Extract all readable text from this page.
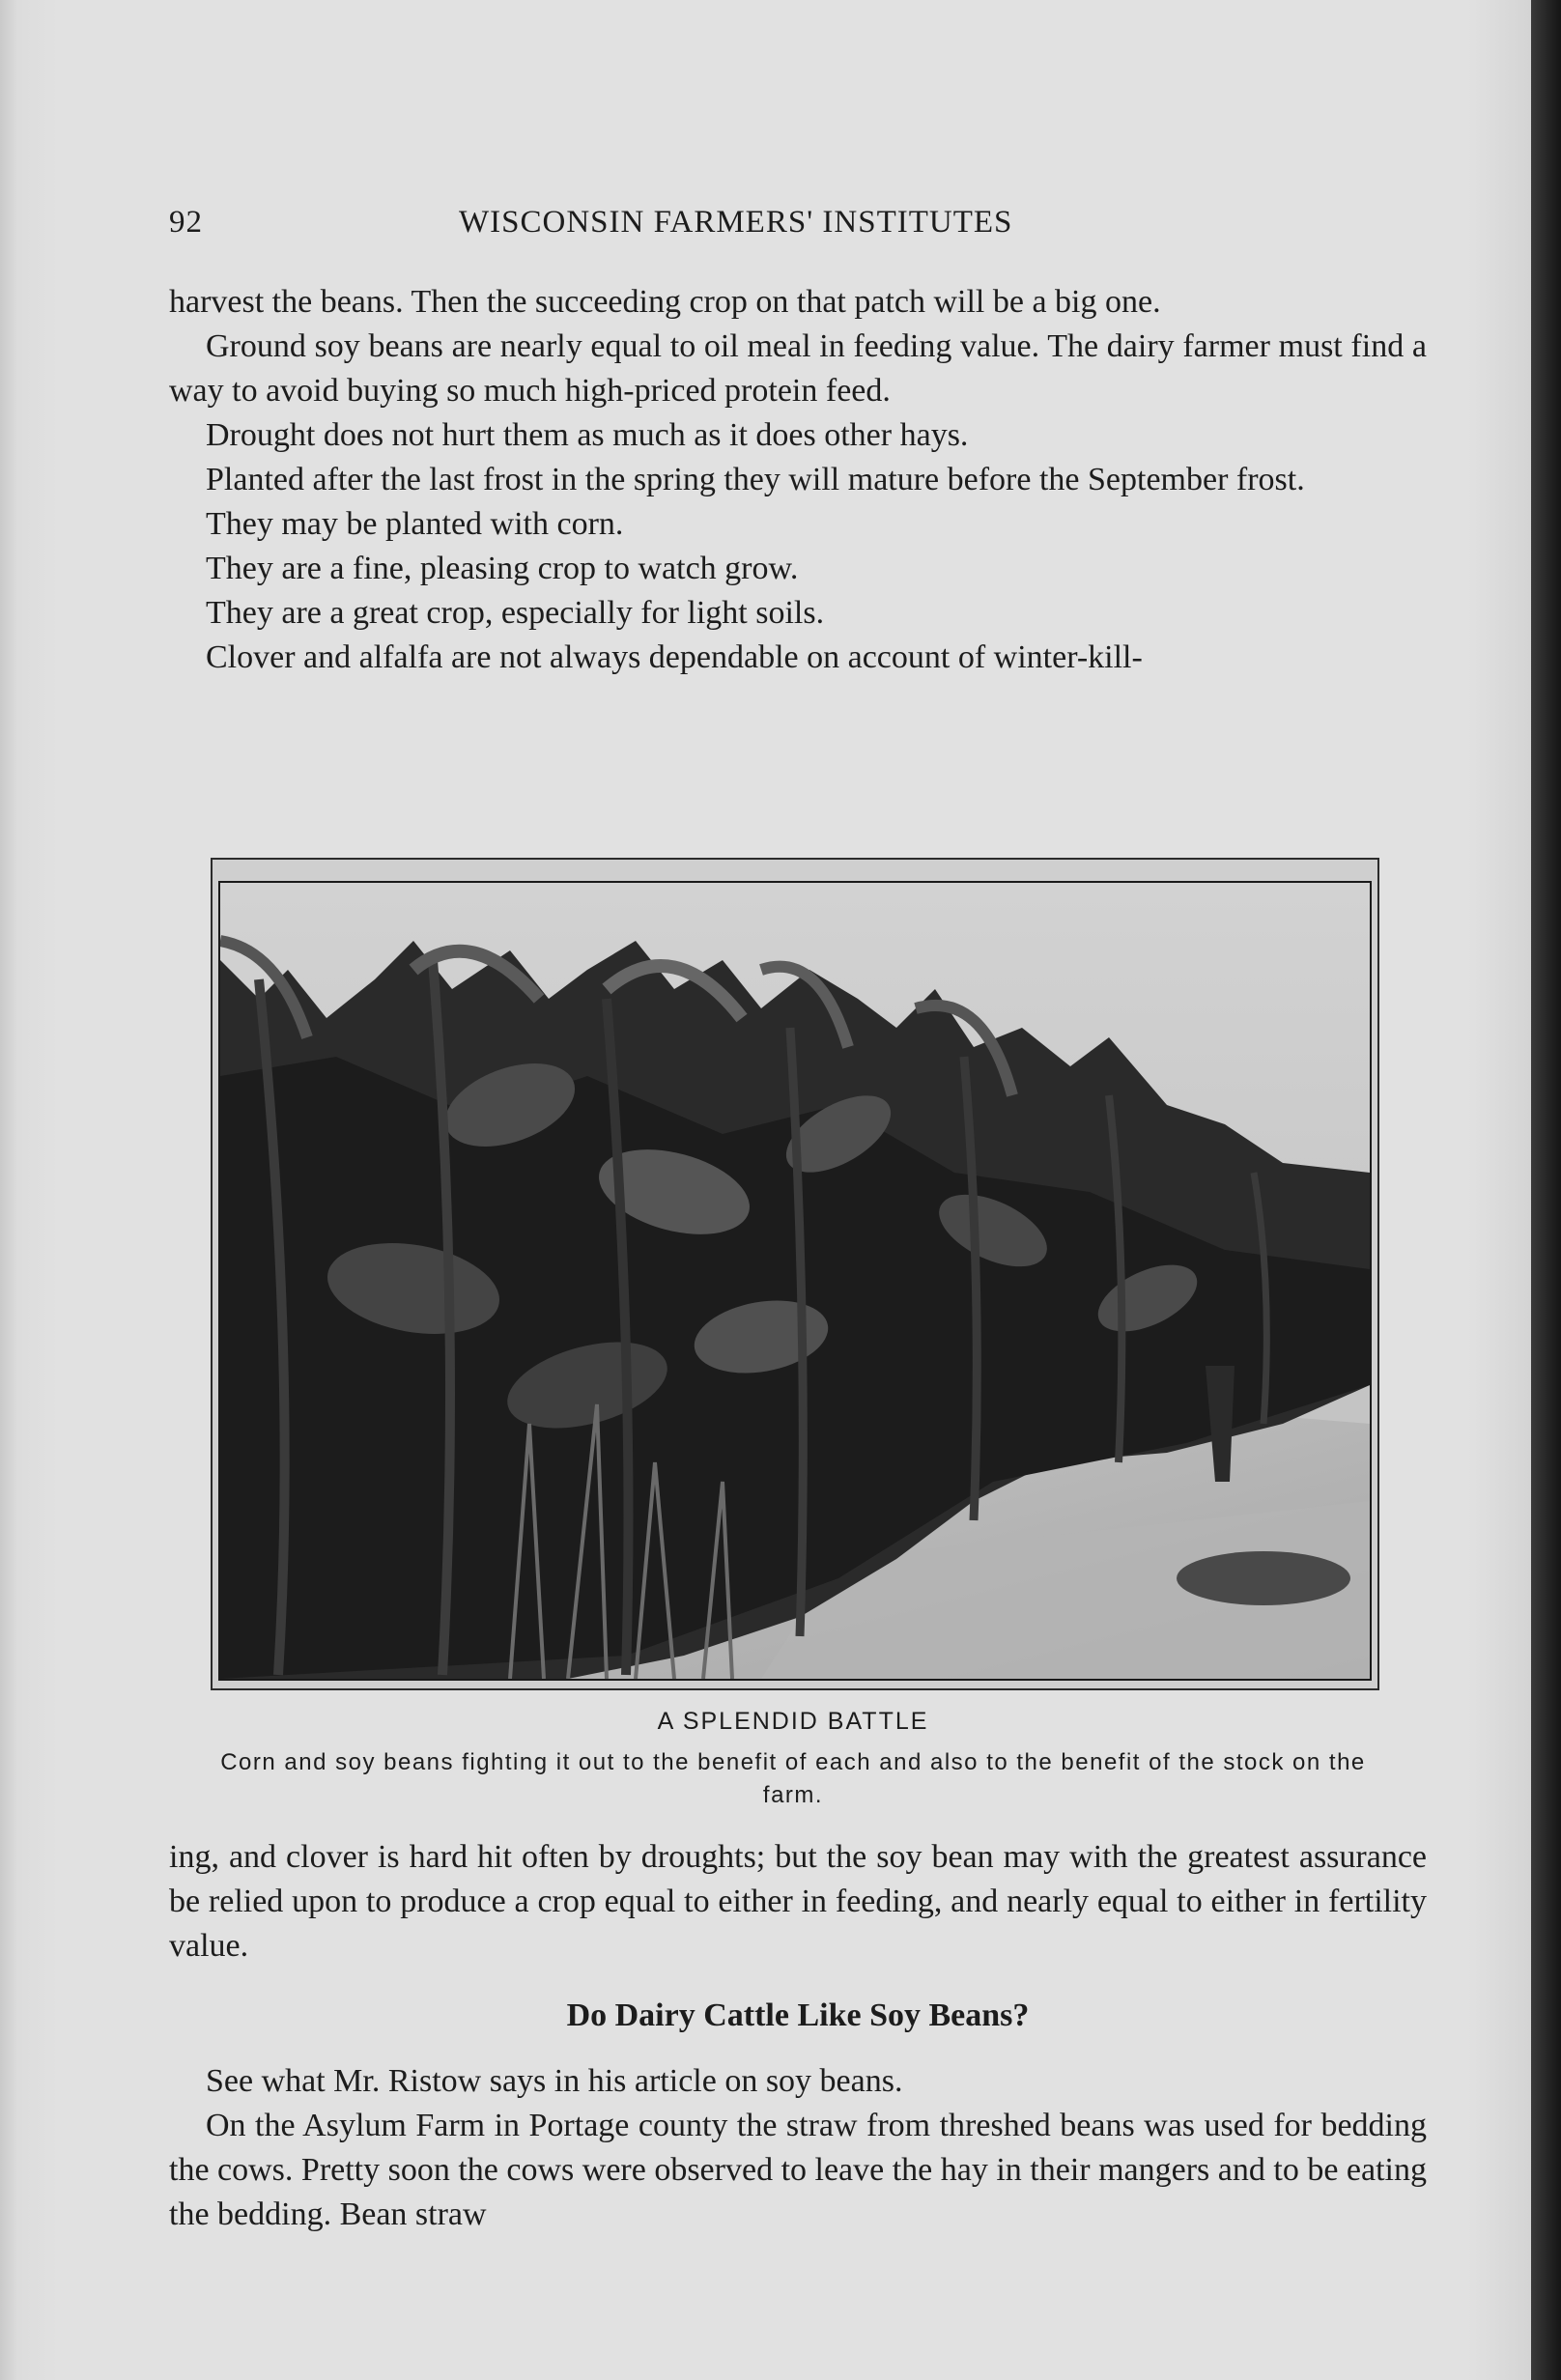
92	WISCONSIN FARMERS' INSTITUTES

harvest the beans. Then the succeeding crop on that patch will be a big one.

Ground soy beans are nearly equal to oil meal in feeding value. The dairy farmer must find a way to avoid buying so much high-priced protein feed.

Drought does not hurt them as much as it does other hays.

Planted after the last frost in the spring they will mature before the September frost.

They may be planted with corn.

They are a fine, pleasing crop to watch grow.

They are a great crop, especially for light soils.

Clover and alfalfa are not always dependable on account of winter-kill-

A SPLENDID BATTLE
Corn and soy beans fighting it out to the benefit of each and also to the benefit of the stock on the farm.

ing, and clover is hard hit often by droughts; but the soy bean may with the greatest assurance be relied upon to produce a crop equal to either in feeding, and nearly equal to either in fertility value.

Do Dairy Cattle Like Soy Beans?

See what Mr. Ristow says in his article on soy beans.

On the Asylum Farm in Portage county the straw from threshed beans was used for bedding the cows. Pretty soon the cows were observed to leave the hay in their mangers and to be eating the bedding. Bean straw
